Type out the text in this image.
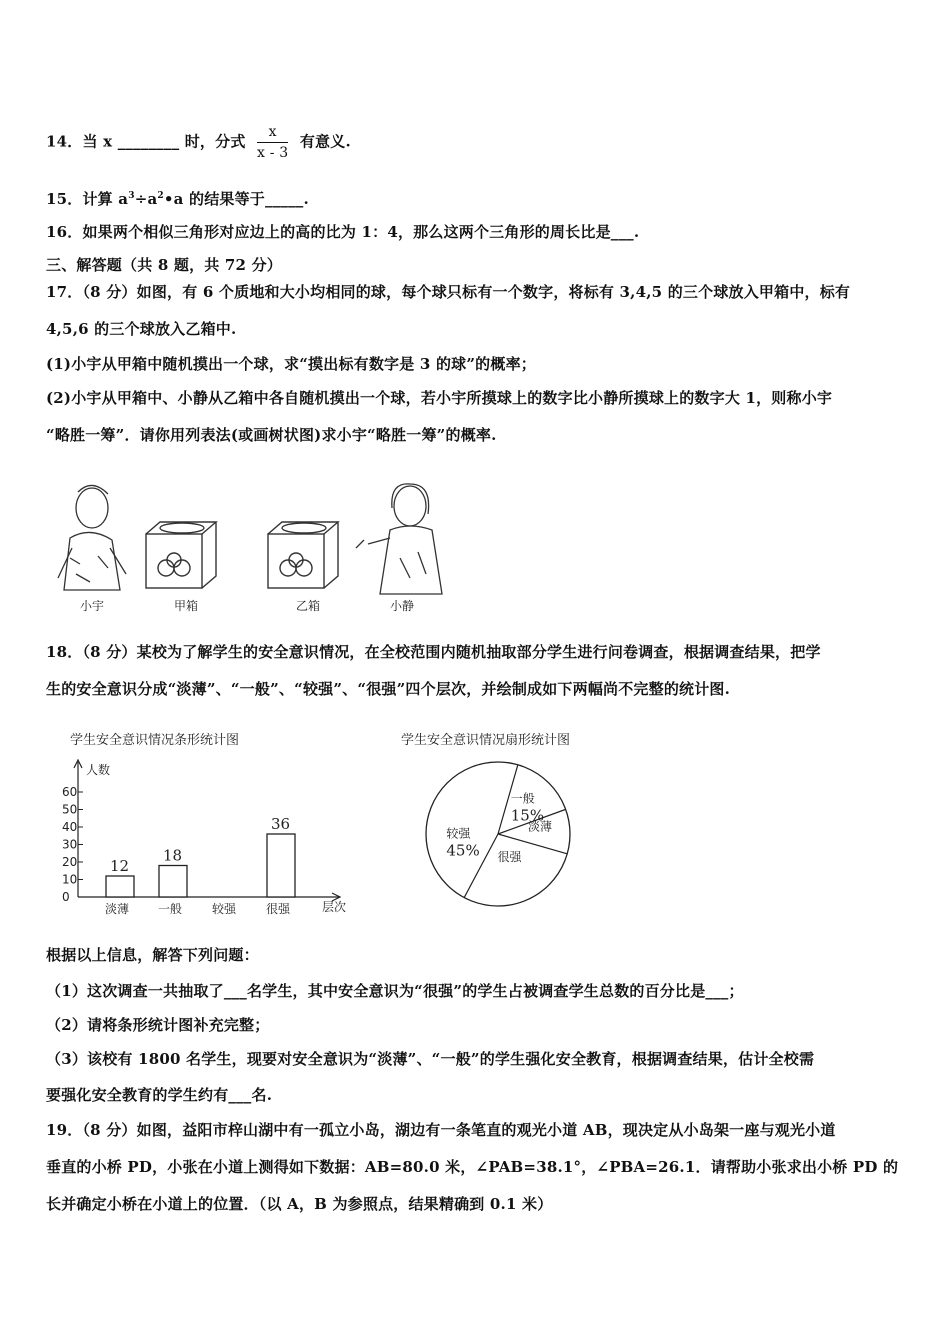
14．当 x ________ 时，分式 $\frac{x}{x - 3}$ 有意义.
15．计算 $a^3\div a^2•a$ 的结果等于_____.
16．如果两个相似三角形对应边上的高的比为 1：4，那么这两个三角形的周长比是___.
三、解答题（共 8 题，共 72 分）
17．（8 分）如图，有 6 个质地和大小均相同的球，每个球只标有一个数字，将标有 3,4,5 的三个球放入甲箱中，标有
4,5,6 的三个球放入乙箱中.
(1)小宇从甲箱中随机摸出一个球，求“摸出标有数字是 3 的球”的概率；
(2)小宇从甲箱中、小静从乙箱中各自随机摸出一个球，若小宇所摸球上的数字比小静所摸球上的数字大 1，则称小宇
“略胜一筹”．请你用列表法(或画树状图)求小宇“略胜一筹”的概率.
小宇	甲箱	乙箱	小静
18．（8 分）某校为了解学生的安全意识情况，在全校范围内随机抽取部分学生进行问卷调查，根据调查结果，把学
生的安全意识分成“淡薄”、“一般”、“较强”、“很强”四个层次，并绘制成如下两幅尚不完整的统计图.
学生安全意识情况条形统计图
人数
层次
0
10
20
30
40
50
60
淡薄
12
一般
18
较强 很强
36
学生安全意识情况扇形统计图
较强
45%
一般
15%
淡薄
很强
根据以上信息，解答下列问题：
（1）这次调查一共抽取了___名学生，其中安全意识为“很强”的学生占被调查学生总数的百分比是___；
（2）请将条形统计图补充完整；
（3）该校有 1800 名学生，现要对安全意识为“淡薄”、“一般”的学生强化安全教育，根据调查结果，估计全校需
要强化安全教育的学生约有___名.
19．（8 分）如图，益阳市梓山湖中有一孤立小岛，湖边有一条笔直的观光小道 AB，现决定从小岛架一座与观光小道
垂直的小桥 PD，小张在小道上测得如下数据：AB=80.0 米，∠PAB=38.1°，∠PBA=26.1．请帮助小张求出小桥 PD 的
长并确定小桥在小道上的位置．（以 A，B 为参照点，结果精确到 0.1 米）
